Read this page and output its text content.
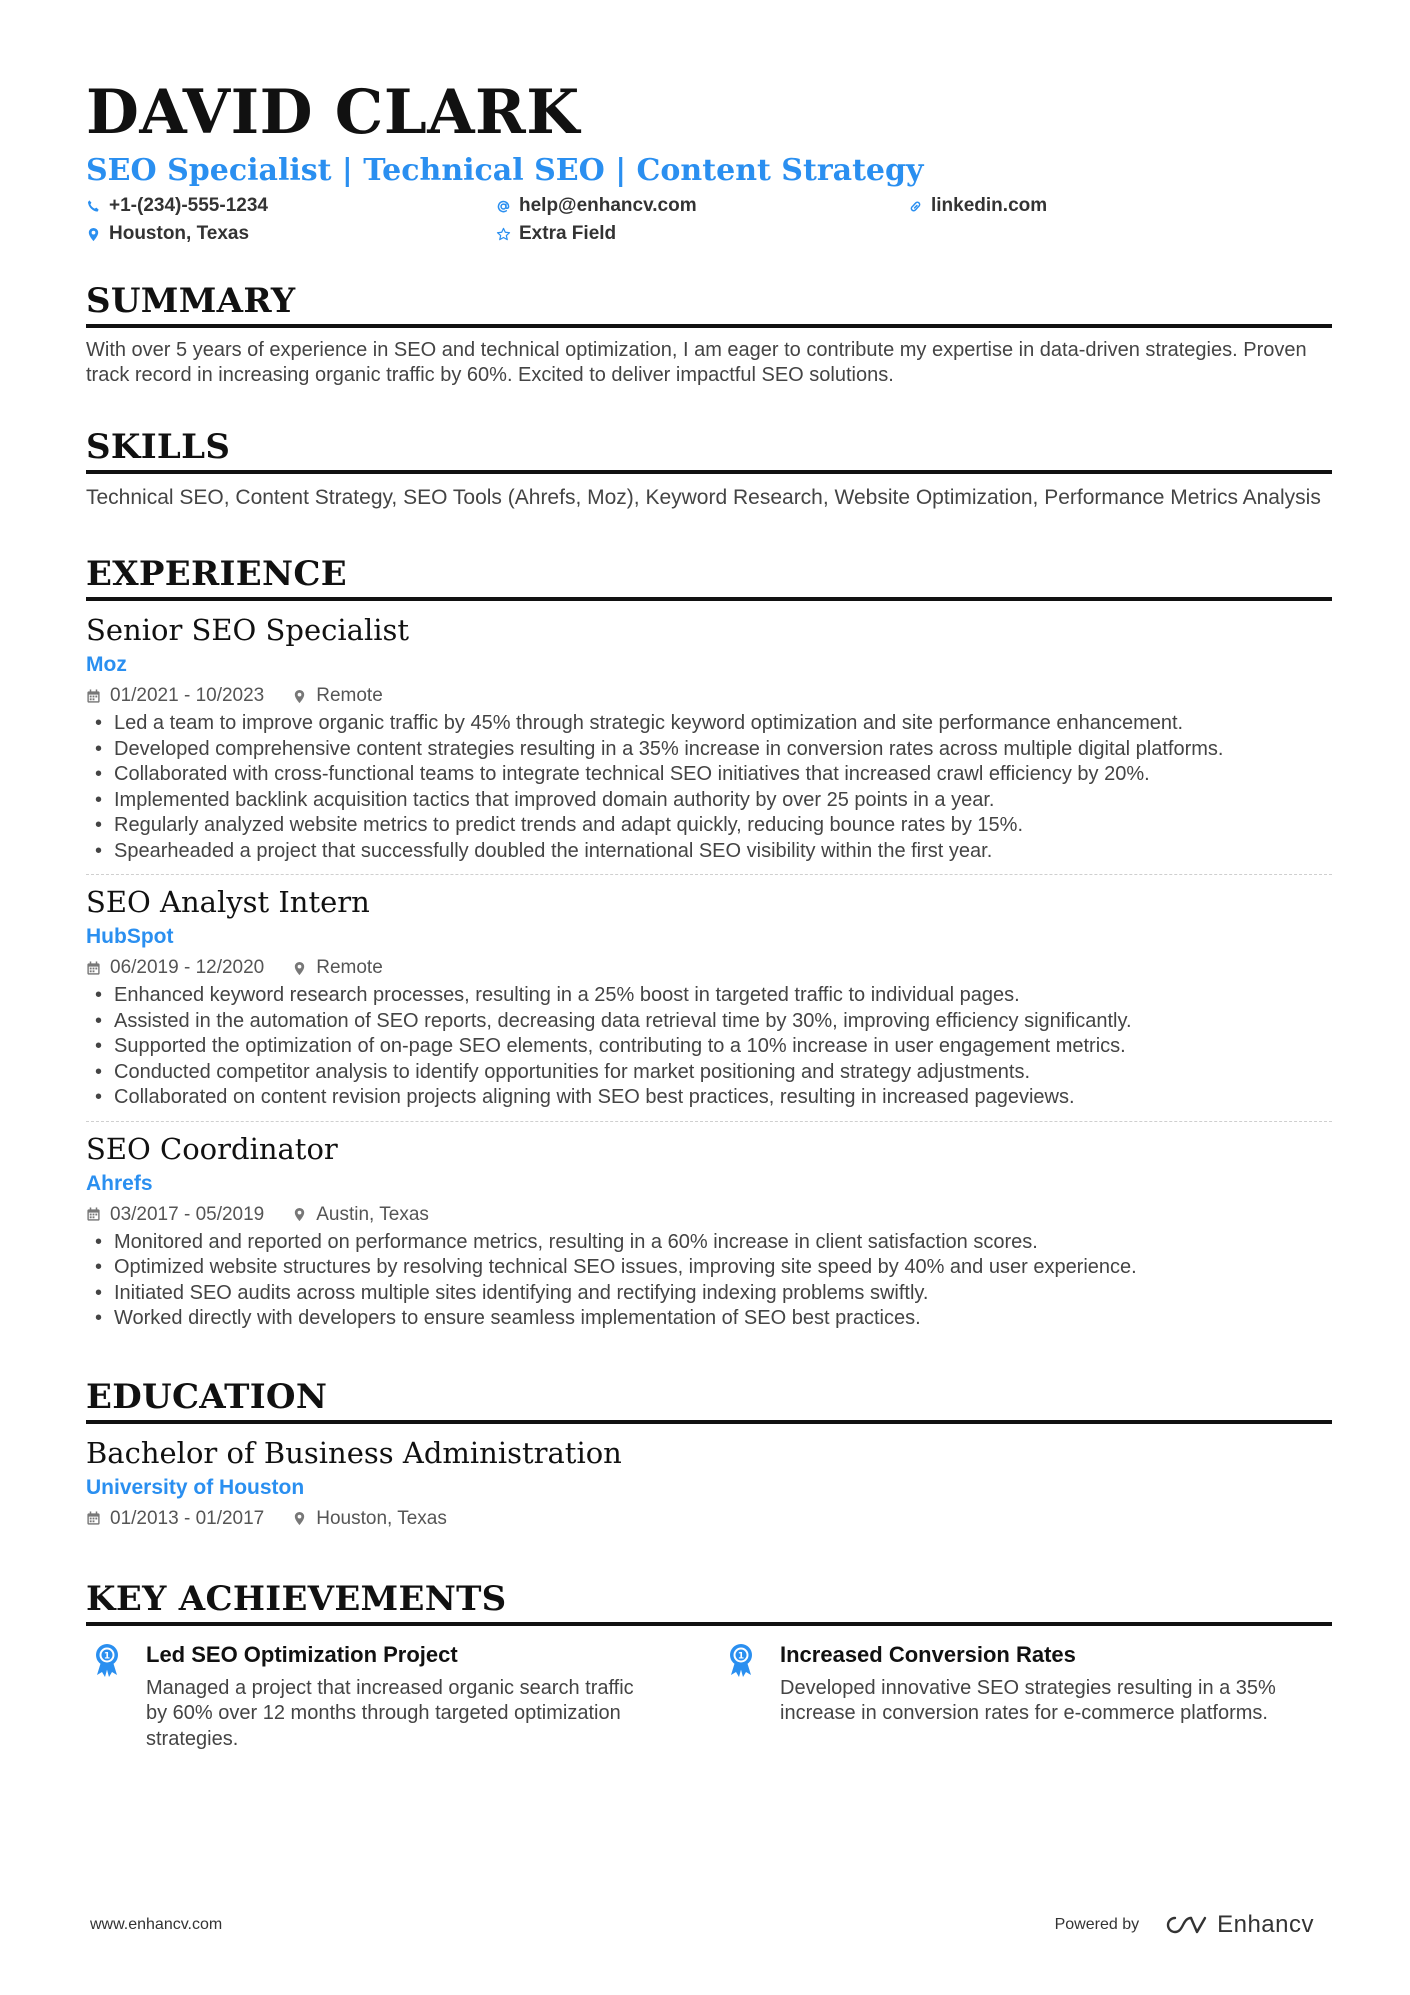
DAVID CLARK
SEO Specialist | Technical SEO | Content Strategy
+1-(234)-555-1234	help@enhancv.com	linkedin.com
Houston, Texas	Extra Field
SUMMARY
With over 5 years of experience in SEO and technical optimization, I am eager to contribute my expertise in data-driven strategies. Proven track record in increasing organic traffic by 60%. Excited to deliver impactful SEO solutions.
SKILLS
Technical SEO, Content Strategy, SEO Tools (Ahrefs, Moz), Keyword Research, Website Optimization, Performance Metrics Analysis
EXPERIENCE
Senior SEO Specialist
Moz
01/2021 - 10/2023	Remote
• Led a team to improve organic traffic by 45% through strategic keyword optimization and site performance enhancement.
• Developed comprehensive content strategies resulting in a 35% increase in conversion rates across multiple digital platforms.
• Collaborated with cross-functional teams to integrate technical SEO initiatives that increased crawl efficiency by 20%.
• Implemented backlink acquisition tactics that improved domain authority by over 25 points in a year.
• Regularly analyzed website metrics to predict trends and adapt quickly, reducing bounce rates by 15%.
• Spearheaded a project that successfully doubled the international SEO visibility within the first year.
SEO Analyst Intern
HubSpot
06/2019 - 12/2020	Remote
• Enhanced keyword research processes, resulting in a 25% boost in targeted traffic to individual pages.
• Assisted in the automation of SEO reports, decreasing data retrieval time by 30%, improving efficiency significantly.
• Supported the optimization of on-page SEO elements, contributing to a 10% increase in user engagement metrics.
• Conducted competitor analysis to identify opportunities for market positioning and strategy adjustments.
• Collaborated on content revision projects aligning with SEO best practices, resulting in increased pageviews.
SEO Coordinator
Ahrefs
03/2017 - 05/2019	Austin, Texas
• Monitored and reported on performance metrics, resulting in a 60% increase in client satisfaction scores.
• Optimized website structures by resolving technical SEO issues, improving site speed by 40% and user experience.
• Initiated SEO audits across multiple sites identifying and rectifying indexing problems swiftly.
• Worked directly with developers to ensure seamless implementation of SEO best practices.
EDUCATION
Bachelor of Business Administration
University of Houston
01/2013 - 01/2017	Houston, Texas
KEY ACHIEVEMENTS
1 Led SEO Optimization Project
Managed a project that increased organic search traffic by 60% over 12 months through targeted optimization strategies.
1 Increased Conversion Rates
Developed innovative SEO strategies resulting in a 35% increase in conversion rates for e-commerce platforms.
www.enhancv.com	Powered by	Enhancv
